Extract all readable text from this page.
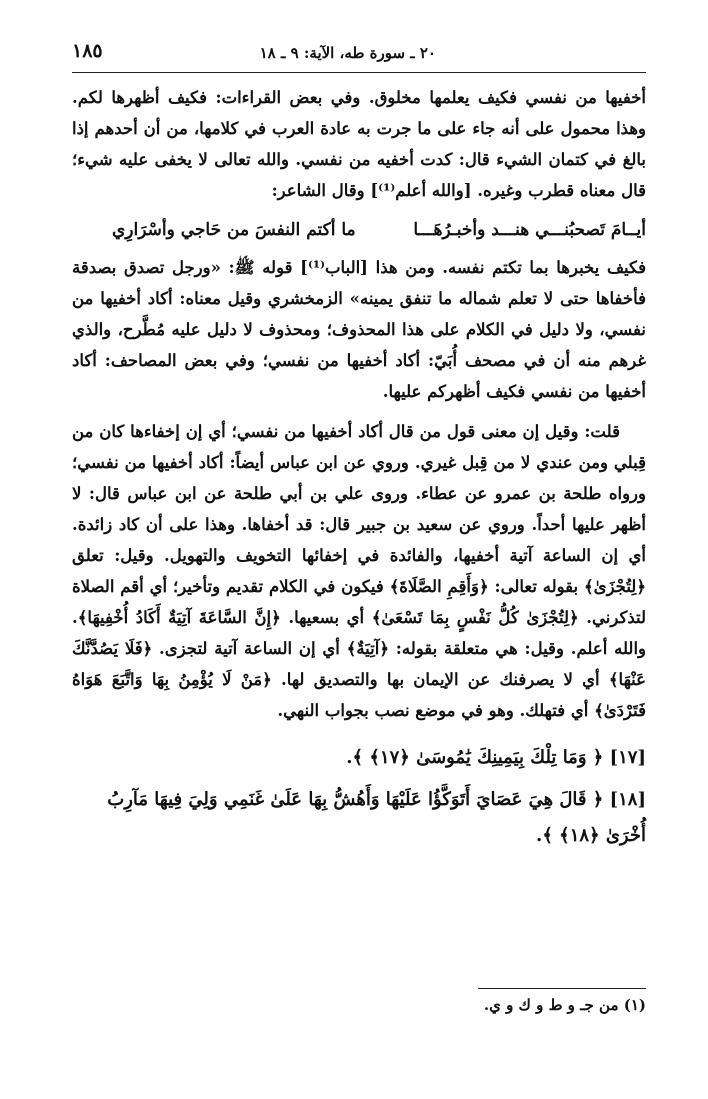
١٨٥	٢٠ ـ سورة طه، الآية: ٩ ـ ١٨

أخفيها من نفسي فكيف يعلمها مخلوق. وفي بعض القراءات: فكيف أظهرها لكم. وهذا محمول على أنه جاء على ما جرت به عادة العرب في كلامها، من أن أحدهم إذا بالغ في كتمان الشيء قال: كدت أخفيه من نفسي. والله تعالى لا يخفى عليه شيء؛ قال معناه قطرب وغيره. [والله أعلم⁽¹⁾] وقال الشاعر:

أيــامَ تَصحبُنـــي هنـــد وأخبـرُهَـــا
ما أكتم النفسَ من حَاجي وأسْرَارِي

فكيف يخبرها بما تكتم نفسه. ومن هذا [الباب⁽¹⁾] قوله ﷺ: «ورجل تصدق بصدقة فأخفاها حتى لا تعلم شماله ما تنفق يمينه» الزمخشري وقيل معناه: أكاد أخفيها من نفسي، ولا دليل في الكلام على هذا المحذوف؛ ومحذوف لا دليل عليه مُطَّرح، والذي غرهم منه أن في مصحف أُبَيّ: أكاد أخفيها من نفسي؛ وفي بعض المصاحف: أكاد أخفيها من نفسي فكيف أظهركم عليها.

قلت: وقيل إن معنى قول من قال أكاد أخفيها من نفسي؛ أي إن إخفاءها كان من قِبلي ومن عندي لا من قِبل غيري. وروي عن ابن عباس أيضاً: أكاد أخفيها من نفسي؛ ورواه طلحة بن عمرو عن عطاء. وروى علي بن أبي طلحة عن ابن عباس قال: لا أظهر عليها أحداً. وروي عن سعيد بن جبير قال: قد أخفاها. وهذا على أن كاد زائدة. أي إن الساعة آتية أخفيها، والفائدة في إخفائها التخويف والتهويل. وقيل: تعلق ﴿لِتُجْزَىٰ﴾ بقوله تعالى: ﴿وَأَقِمِ الصَّلَاةَ﴾ فيكون في الكلام تقديم وتأخير؛ أي أقم الصلاة لتذكرني. ﴿لِتُجْزَىٰ كُلُّ نَفْسٍ بِمَا تَسْعَىٰ﴾ أي بسعيها. ﴿إِنَّ السَّاعَةَ آتِيَةٌ أَكَادُ أُخْفِيهَا﴾. والله أعلم. وقيل: هي متعلقة بقوله: ﴿آتِيَةٌ﴾ أي إن الساعة آتية لتجزى. ﴿فَلَا يَصُدَّنَّكَ عَنْهَا﴾ أي لا يصرفنك عن الإيمان بها والتصديق لها. ﴿مَنْ لَا يُؤْمِنُ بِهَا وَاتَّبَعَ هَوَاهُ فَتَرْدَىٰ﴾ أي فتهلك. وهو في موضع نصب بجواب النهي.

[١٧] ﴿ وَمَا تِلْكَ بِيَمِينِكَ يَٰمُوسَىٰ ﴿١٧﴾ ﴾.

[١٨] ﴿ قَالَ هِيَ عَصَايَ أَتَوَكَّؤُا عَلَيْهَا وَأَهُشُّ بِهَا عَلَىٰ غَنَمِي وَلِيَ فِيهَا مَآرِبُ أُخْرَىٰ ﴿١٨﴾ ﴾.

(١) من جـ و ط و ك و ي.
